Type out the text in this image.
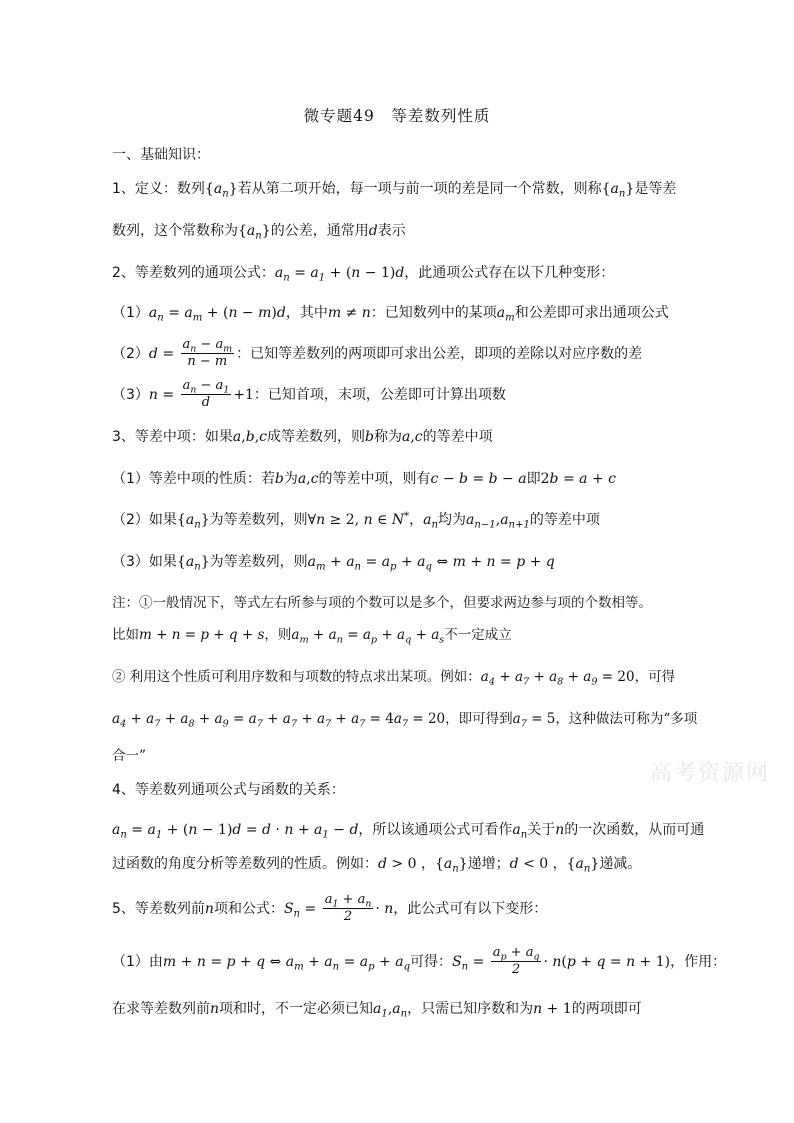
微专题49　等差数列性质
一、基础知识：
1、定义：数列$\{a_n\}$若从第二项开始，每一项与前一项的差是同一个常数，则称$\{a_n\}$是等差
数列，这个常数称为$\{a_n\}$的公差，通常用d表示
2、等差数列的通项公式：$a_n = a_1 + (n - 1)d$，此通项公式存在以下几种变形：
$(1)a_n = a_m + (n - m)d$，其中m ≠ n：已知数列中的某项$a_m$和公差即可求出通项公式
$(2)d = \frac{a_n - a_m}{n - m}$ ：已知等差数列的两项即可求出公差，即项的差除以对应序数的差
$(3)n = \frac{a_n - a_1}{d} +1$：已知首项，末项，公差即可计算出项数
3、等差中项：如果a,b,c成等差数列，则b称为a,c的等差中项
（1）等差中项的性质：若b为a,c的等差中项，则有c − b = b − a即2b = a + c
（2）如果$\{a_n\}$为等差数列，则∀n ≥ 2, n ∈ N*，$a_n$均为$a_{n-1},a_{n+1}$的等差中项
（3）如果$\{a_n\}$为等差数列，则$a_m + a_n = a_p + a_q$ ⇔ m + n = p + q
注：①一般情况下，等式左右所参与项的个数可以是多个，但要求两边参与项的个数相等。
比如m + n = p + q + s，则$a_m + a_n = a_p + a_q + a_s$不一定成立
② 利用这个性质可利用序数和与项数的特点求出某项。例如：$a_4 + a_7 + a_8 + a_9 = 20$，可得
$a_4 + a_7 + a_8 + a_9 = a_7 + a_7 + a_7 + a_7 = 4a_7 = 20$，即可得到$a_7 = 5$，这种做法可称为“多项
合一”
高考资源网
4、等差数列通项公式与函数的关系：
$a_n = a_1 + (n - 1)d = d \cdot n + a_1 - d$，所以该通项公式可看作$a_n$关于n的一次函数，从而可通
过函数的角度分析等差数列的性质。例如：d > 0 ，$\{a_n\}$递增；d < 0 ，$\{a_n\}$递减。
5、等差数列前n项和公式：$S_n = \frac{a_1 + a_n}{2} \cdot n$，此公式可有以下变形：
（1）由m + n = p + q ⇔ $a_m + a_n = a_p + a_q$可得：$S_n = \frac{a_p + a_q}{2} \cdot n(p + q = n + 1)$，作用：
在求等差数列前n项和时，不一定必须已知$a_1,a_n$，只需已知序数和为n + 1的两项即可
